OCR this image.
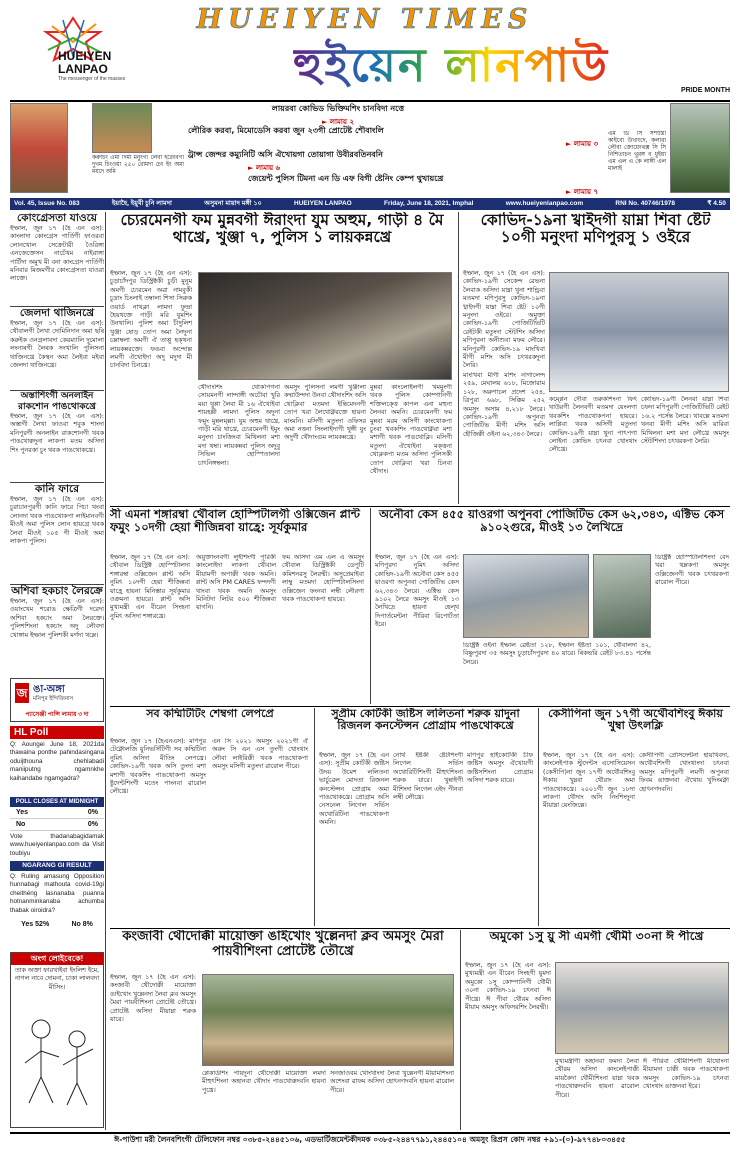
HUEIYEN
LANPAO
The messenger of the masses
HUEIYEN TIMES
হুইয়েন লানপাউ	PRIDE MONTH
করুচিং ঐমা দিমা মনুংগী লৈবা ইরেংবগী দুখম চিংওয়া ২৫০ রোমদা চেং ইং অমা ময়দে অমি
লায়রবা কোভিড ভিক্তিমশিং চানবিদা নত্তে
► লামায় ২
লৌরিক করবা, মিমোডেসি করবা জুন ২৩গী প্রোটেষ্ট শৌবাংলি
► লামায় ৩
ট্রান্স জেন্দর কম্যুনিটি অসি ঐখোয়গা তোয়াগা উবীরবতিনবনি
► লামায় ৬
জেয়েন্ট পুলিস টিমনা এন ডি এফ বিগী ষ্টেনিং কেম্প থুখায়খ্রে
► লামায় ৭
এম ডি সি সম্প্রস্তী কাইবো উখাংদে, কলারা লৌবা জোয়েংথক্স সি সি নিশিতাচন থুরঙ্গ ব ধুইয়া এম এল এ কে লাঙ্গী এল মালাই
Vol. 45, Issue No. 083	ইয়াহৈ, ইয়ুবী চুনি লামদা	অসুমনা মায়াদ মঙ্গী ১০	HUEIYEN LANPAO	Friday, June 18, 2021, Imphal	www.hueiyenlanpao.com	RNI No. 40746/1978	₹ 4.50
কোংগ্রেসতা যাওয়ে
ইম্ফাল, জুন ১৭ (হৈ এন এস): কাংলাদা কোংগ্রেস পার্তিগী ফাওরবা লোনখোল সেক্রেটারী ওৈরিঙ্গা এনজেক্তেসন নাচেঁখম নাইরাঙ্গা পার্টিদা অমুখ মী বনা কাংগ্রেস পার্তিগী মনিবার মিজমগীর কোংগ্রেসতা যাওরা লাক্তে।
জেলদা থাজিনখ্রে
ইম্ফাল, জুন ১৭ (হৈ এন এস): থৌবালগী লৈখা দোমিনিদান অমা ছৰি করুইক ওনগ্রলাবদা কেরম্যালি দুমোলা লংনাৰগী লৈৰক সংখালি পুলিসনা থাজিনখ্রে কৈস্থন অমা লৈইবা মইবা জেলদা থাজিনখ্রে।
অস্তাশিংগী অনলাইন রাকশোন পাঙথোকখ্রে
ইম্ফাল, জুন ১৭ (হৈ এন এস): অস্তাগী লৈখা ফাওবা শবুক শাংদা মনিপুরগী অনলাইন রাকশোনগী থবক পাঙথোক্কদুনা লাকপা মতম অসিদা শিং পুনরকা চুং থবক পাঙথোকখ্রে।
কানি ফারে
ইম্ফাল, জুন ১৭ (হৈ এন এস): চুরাচানপুরগী কানি ফারে পিচা থংবা লোনদা থবক পাঙথোকপা লাইমানবগী মীওই অমা পুলিস লোন হায়গ্রে থবক লৈবা মীওই ১০৫ গী মীওই অমা লাকপা পুলিস।
অশিবা হকচাং লৈরক্রে
ইম্ফাল, জুন ১৭ (হৈ এন এস): ওয়াংখেম শরোঙ ক্ষেত্রিগী দরেদা অশিবা হকচাং অমা লৈরক্তে। পুলিশশিংনা হকচাং অদু লৌবদা খোঙ্গাম ইম্ফাল পুলিশকী মর্গদা থম্লে।
জ ঙা-অঙ্গা
মনিপুর ইন্দিজিনাস
প্যাসেঞ্জী পান্সি লামায় ৩ দা
HL Poll
Q: Aoungei June 18, 2021da thawaina ponthe pahindasingana oduijthouna chehlabadi maniiputng ngamnkhe kaihandabe ngamgadra?
POLL CLOSES AT MIDNIGHT
Yes	0%
No	0%
Vote thadanabagidamak www.hueiyenlanpao.com da Visit toubiyu
NGARANG GI RESULT
Q: Ruling amasung Opposition hunnabagi mathouta covid-19gi cheithéng lasnanaba puanna hotnanminkanaba achumba thabak oiroidra?
Yes 52%	No 8%
অংগ লোইবেকে!
তাক অক্তা ফারখাইবা ইংলিশ ইমে, নাগল নাবে দোমনা, চাকা লালবদা মীসিং।
চ্যেরমেনগী ফম মুন্নবগী ঈরাংদা যুম অহুম, গাড়ী ৪ মৈ থাখ্রে, খুঞ্জা ৭, পুলিস ১ লায়কন্নখ্রে
ইম্ফাল, জুন ১৭ (হৈ এন এস): চুড়াচাঁদপুর ডিস্ট্রিক্টকী চুড়ী মুনুম অমগী চ্যেরমেন অৱা নামবুকী চুদ্রাং চিংলাই তম্বালা শিসা সিরুক ওয়ার্ড নাথক্লা লামদা ফুন্দ্রা হৈয়থক্তে গাড়ী মরি যুমশিং উনথালি। পুলিশ অমা চীদুলিশ খুঞ্জা ষোড় তোপ অমা লৈদুনা চম্লাম্বলা অমগী ঐ তাপ্পু হক্থনা লায়কন্নরক্তে। ফঙবা অন্দোল্ল লমগী ঐখোইদা অদু মদুদা মী চানবিদা চিনখ্রে।
থৌদাংশিং থোকপিগনা সোয়মনগী লান্দাঙ্গী অচৌবা খুরি ময়া থুপ্পা লৈবা মী ১৬ ঐখোইবা শায়হল্লী লামদা পুলিস অদুনা ফমুং মুন্নলম্ল্লা। যুম অহুম থাখ্রে, গাড়ী মরি থাখ্রে, চ্যেরমেনগী ইমুং মনুংদা চাংজিংবা মিথিলনা মশা মদা থম্বা। লায়কন্নবা পুলিস অদুবু সিভিল হোস্পিতালদা চাৎনিঙ্গম্বলা।
অমসুং পুলিসনা লমগী খুঞ্জালা কম্মাউন্দদা উনবা থৌদাংশিং অসি থোক্লিবা মতমদা ইন্তিমেদনগী তোপ খরা লৈথোক্নরক্তে হায়না মাংমনি। মসিগী মতুংদা ওফিসর অমা নত্তনা সিংলাইদাগী থুঙ্গী যুং অদুগী থৌদাংগুম লায়কন্নখ্রে।
মুন্নবা কাংলোইলগী খমমুংগী থবক পুলিস কোম্পানিগী শক্তিলক্ত্তে কাপল এনা মহুনা লৈনবা অমনি। চ্যেরমেনগী ফম মুন্নবা মরম অসিগী কাংথোকপা চুংবা থবকশিং পাঙথোক্নরা মশা মশাগী থবক পাঙথোক্লি। মসিগী মতুংদা ঐখোইনা মক্ত্তনা থোক্লকপা মতম অসিদা পুলিসকী তোপ থোক্লিবা খরা চিনবা থৌদাং।
কোভিদ-১৯না খ্বাইদগী য়াম্না শিবা ষ্টেট ১০গী মনুংদা মণিপুরসু ১ ওইরে
ইম্ফাল, জুন ১৭ (হৈ এন এস): কোভিদ-১৯গী সেকেন্দ ৱেভনা লৈবাক অসিদা য়াম্না থুনা শান্ড্রিবা মতমদা মণিপুরসু কোভিদ-১৯না খ্বাইদগী য়াম্না শিবা ষ্টেট ১০গী মনুংদা ওইরে। অমুক্তা কোভিদ-১৯গী পোজিটিভিটি রেইটকী মতুংদা স্টেটশিং অসিদা মণিপুরনা অনীশুবা মফম লৌরে। মনিপুরগী কোভিদ-১৯ মাংখিবা মীগী মশিং অসি চৎথরকদুনা লৈরি।
মাংখিবা মীগী মশিং নাগালেন্দ ২৫৯, মেঘালয় ৬১৮, মিজোরাম ১২৮, অরুণাচল প্রদেশ ২৫৪, ত্রিপুরা ৬৯৮, সিক্কিম ২৫২ অমসুং অসাম ৪,২১৮ লৈরে। কোভিদ-১৯গী অপুনবা পোজিটিভ মীগী মশিং অসি হৌজিক্কী ওইনা ৬২,৩৪৩ লৈরে।
কম্প্লেন দৌবা তরুকশিংনা ফিৎ থাউরগী লৈনবগী মতমদা য়েংলগা থবকশিং পাঙথোকপনা হায়রে। লাপ্লিবা থবক অসিগী মতুংদা কোভিদ-১৯গী য়াম্না থুনা পাৎপগা লোইনা কোভিদ চৎনবা খোংথাং লৌখ্রে।
কোভিদ-১৯গী লৈনবা য়াম্না শিবা চফদা মণিপুরগী পোজিটিভিটি রেইট ১৬.২ পর্সেন্ত লৈরে। থাবল্লে মতমদা থনবা মীগী মশিং অসি য়ারিবা মিথিলনা মশা মদা লৌখ্রে অমসুং স্টেটশিংদা চৎথরকপা লৈরি।
সী এমনা শঙ্গারম্বা থৌবাল হোস্পিটালগী ওক্সিজেন প্লান্ট ফমুং ১০দগী হেয়া শীজিন্নবা য়াহ্রে: সূর্যকুমার
ইম্ফাল, জুন ১৭ (হৈ এন এস): থৌবাল ডিস্ট্রিক্ট হোস্পিটালদা শঙ্গারম্বা ওক্সিজেন প্লান্ট অসি নুমিৎ ১০দগী হেয়া শীজিন্নবা য়াহ্রে হায়না মিনিস্তার সূর্যকুমার ওক্রমনা হায়রে। প্লান্ট অসি মুখ্যমন্ত্রী এন বীরেন সিংহনা নুমিৎ অসিদা শঙ্গারখ্রে।
অয়ুক্তাংনবগী লুইশিংগী পূরিকী কাংলোইদা লাকপা থৌবাল মীয়ামগী অপাক্কী থবক অমনি। প্লান্ট অসি PM CARES ফন্দদগী থাংবা থবক অমনি অমসুং মিনিটদা লিটর ৫০০ শীজিন্নবা য়াগনি।
ফম অসিদা এম এল এ অমসুং থৌবাল ডিস্ট্রিক্টকী ডেপুটি কমিশনরসু লৈরম্মী। অসুপ্রেমাইবা লাম্বু মতমদা হোস্পিটালসিংদা ওক্সিজেন ফংনবা লম্বী লৌরগা থবক পাঙথোকপা হায়রে।
অনৌবা কেস ৪৫৫ য়াওরগা অপুনবা পোজিটিভ কেস ৬২,৩৪৩, এক্টিভ কেস ৯১০২গুরে, মীওই ১৩ লৈখিদ্রে
ইম্ফাল, জুন ১৭ (হৈ এন এস): মণিপুরদা নুমিৎ অসিদা কোভিদ-১৯গী অনৌবা কেস ৪৫৫ য়াওরগা অপুনবা পোজিটিভ কেস ৬২,৩৪৩ লৈরে। এক্টিভ কেস ৯১০২ লৈরে অমসুং মীওই ১৩ লৈখিদ্রে হায়না হেল্থ দিপার্তমেন্টনা পীরিবা রিপোর্টতা ইরে।
ডিষ্ট্রিক্ট ওইনা ইম্ফাল ৱেষ্টতা ১২৮, ইম্ফাল ইষ্টতা ১০১, থৌবালদা ৪২, বিষ্ণুপুরদা ৩৫ অমসুং চুড়াচাঁদপুরদা ৪০ য়ারে। ৰিকভরি রেইট ৮৩.৪১ পর্সেন্ত লৈরে।
ডিষ্ট্রিক্ট হোস্পিটালশিংদা বেদ খরা থম্লকপা অমসুং ওক্সিজেনগী থবক চৎথরকপা ৱারোল পীরে।
সব কম্মিটিটিং শেম্বগা লেপপ্রে
ইম্ফাল, জুন ১৭ (হৈএনএস): মণিপুর টেক্নোলজি য়ুনিভর্সিটিগী সব কম্মিটিনা নুমিৎ অসিদা মীতিং লেপখ্রে। কোভিদ-১৯গী থবক অসি তুংদা মশা মশাগী থবকশিং পাঙথোকপা অমসুং ষ্টুদেন্টশিংগী মতেং পাংনবা ৱারোল লৌখ্রে।
এন সি ২০২১ অমসুং ২০২১গী ঐ অরুং সি এন এস তুংগী খোংথাং লৌবা লাইরিক্কী থবক পাঙথোকপা অমসুং মসিগী মতুংদা ৱারোল পীরে।
সুপ্রীম কোর্টকী জষ্টিস ললিতনা শরুক য়াদুনা রিজনল কনস্টেন্সন প্রোগ্রাম পাঙথোকখ্রে
ইম্ফাল, জুন ১৭ (হৈ এন এস): সুপ্রীম কোর্টকী জষ্টিস উদয় উমেশ ললিতনা ভার্চুৱেল মোদতা রিজনল কনস্টেন্সন প্রোগ্রাম অমা পাঙথোকখ্রে। প্রোগ্রাম অসি নেসনেল লিগেল সর্ভিস অথোরিটিনা পাঙথোকপা অমনি।
নোর্থ ইষ্টকী ষ্টেটশিংগী লিগেল সর্ভিস অথোরিটিশিংগী মীহুৎশিংনা শরুক য়ারে। খুন্নাইগী মীশিংদা লিগেল এইদ পীনবা লম্বী লৌখ্রে।
মণিপুর হাইকোর্টকী চীফ জষ্টিস অমসুং ঐখোয়গী জষ্টিসশিংনা প্রোগ্রাম অসিদা শরুক য়ারে।
কেসীপিনা জুন ১৭গী অথৌবশিংবু ঈকায় খুম্বা উৎলক্লি
ইম্ফাল, জুন ১৭ (হৈ এন এস): কাংলেইপাক স্টুদেন্টস এসোসিয়েসন (কেসীপি)না জুন ১৭গী অথৌবশিংবু ঈকায় খুম্নবা থৌরাং অমা পাঙথোকখ্রে। ২০০১গী জুন ১৮দা লাকপা থৌদাং অসি নিংশিংদুনা মীয়াম্না য়েংজিল্লে।
কেসীপিগী প্রেসিদেন্টনা হায়খিবদা, অথৌবশিংগী খোংথাংদা চৎনবা অমসুং মণিপুরগী লমগী অপুনবা ফিবম ঙাক্তনবা ঐখোয় খুদিংমক্না হোৎনগদবনি।
কংজাবী থৌদোক্কী মায়োক্তা ঙাইখোং খুল্লেনদা ক্লব অমসুং মৈরা পায়বীশিংনা প্রোটেষ্ট তৌখ্রে
ইম্ফাল, জুন ১৭ (হৈ এন এস): কংজাবী থৌদোক্কী মায়োক্তা ঙাইখোং খুল্লেনদা লৈবা ক্লব অমসুং মৈরা পায়বীশিংনা প্রোটেষ্ট তৌখ্রে। প্রোটেষ্ট অসিদা মীয়াম্না শরুক য়ারে।
প্লেকার্ডশিং পায়দুনা থৌদোক্কী মায়োক্তা লমদা মীহুৎশিংনা অহানবা থৌদাং পাঙথোক্কদবনি হায়না পুখ্রে।
সনজাওবম খোংথাংদা লৈবা খুল্লেনগী মীয়ামশিংনা অশেংবা ৱাফম অসিদা হোৎনগদবনি হায়না ৱারোল পীরে।
অমুকো ১সু য়ু সী এমগী থৌমী ৩০না ঈ পীখ্রে
ইম্ফাল, জুন ১৭ (হৈ এন এস): মুখ্যমন্ত্রী এন বীরেন সিংহগী য়ুমদা অমুকো ১সু কোম্পানিগী থৌমী ৩০না কোভিদ-১৯ চৎনবা ঈ পীখ্রে। ঈ পীবা থৌরম অসিদা মীয়াম অমসুং অফিসরশিং লৈরম্মী।
মুখ্যমন্ত্রীগী অহানবা ফমদা লৈবা থৌরম অসিদা কাংলেইপাক্কী মায়কৈদা থৌমীশিংনা য়াম্না থবক পাঙথোক্কদবনি হায়না ৱারোল পীরে।
ঈ পীরিবা থৌমীশিংগী মীথোংনা মীয়ামদা চাক্কী থবক পাঙথোকপা অমসুং কোভিদ-১৯ চৎনবা খোংথাং ঙাক্তনবা ইরে।
ঈ-পাউশা মরী লৈনবশিংগী টেলিফোন নম্বর ০৩৮৫-২৪৪৫১০৬, এডভার্টিজমেন্টকীদমক ০৩৮৫-২৪৪৭৭৯১,২৪৪৫১০৪ অমসুং রিপ্রস কোদ নম্বর +৯১-(০)-৯৭৭৪৮০৩৪৫৫
